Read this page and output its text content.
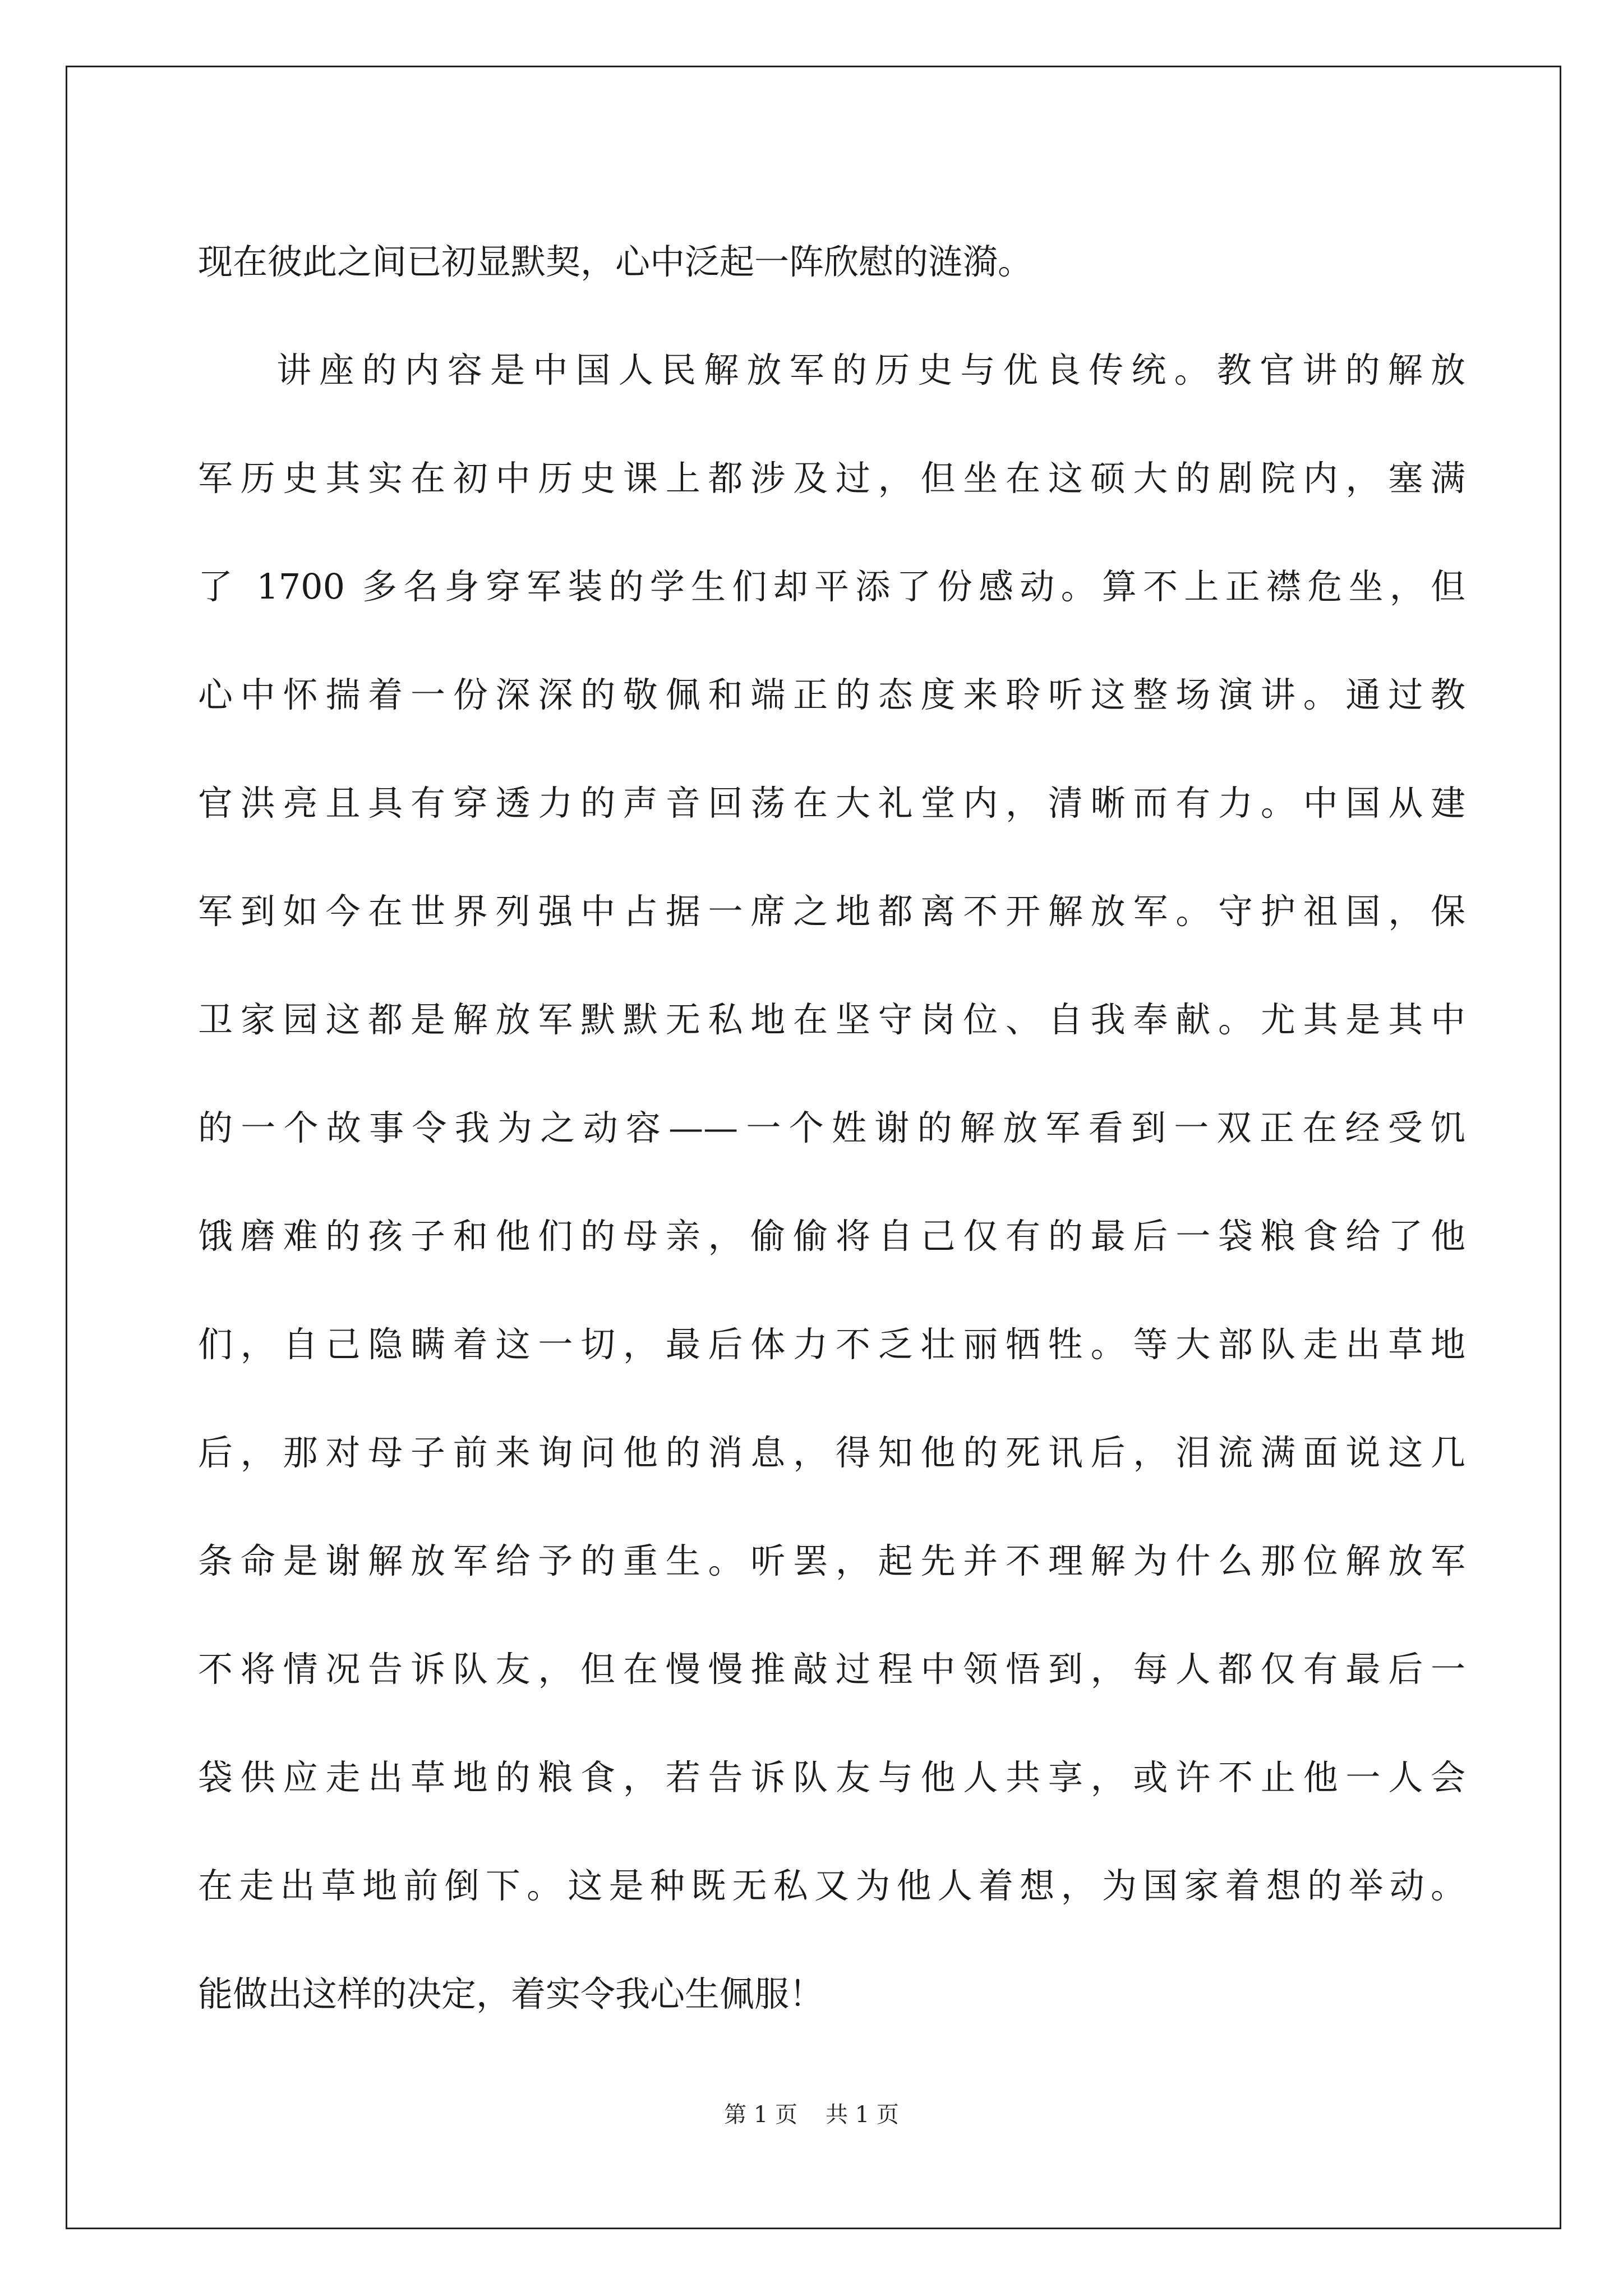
现在彼此之间已初显默契，心中泛起一阵欣慰的涟漪。
讲座的内容是中国人民解放军的历史与优良传统。教官讲的解放
军历史其实在初中历史课上都涉及过，但坐在这硕大的剧院内，塞满
了 1700 多名身穿军装的学生们却平添了份感动。算不上正襟危坐，但
心中怀揣着一份深深的敬佩和端正的态度来聆听这整场演讲。通过教
官洪亮且具有穿透力的声音回荡在大礼堂内，清晰而有力。中国从建
军到如今在世界列强中占据一席之地都离不开解放军。守护祖国，保
卫家园这都是解放军默默无私地在坚守岗位、自我奉献。尤其是其中
的一个故事令我为之动容——一个姓谢的解放军看到一双正在经受饥
饿磨难的孩子和他们的母亲，偷偷将自己仅有的最后一袋粮食给了他
们，自己隐瞒着这一切，最后体力不乏壮丽牺牲。等大部队走出草地
后，那对母子前来询问他的消息，得知他的死讯后，泪流满面说这几
条命是谢解放军给予的重生。听罢，起先并不理解为什么那位解放军
不将情况告诉队友，但在慢慢推敲过程中领悟到，每人都仅有最后一
袋供应走出草地的粮食，若告诉队友与他人共享，或许不止他一人会
在走出草地前倒下。这是种既无私又为他人着想，为国家着想的举动。
能做出这样的决定，着实令我心生佩服！
第 1 页 共 1 页
